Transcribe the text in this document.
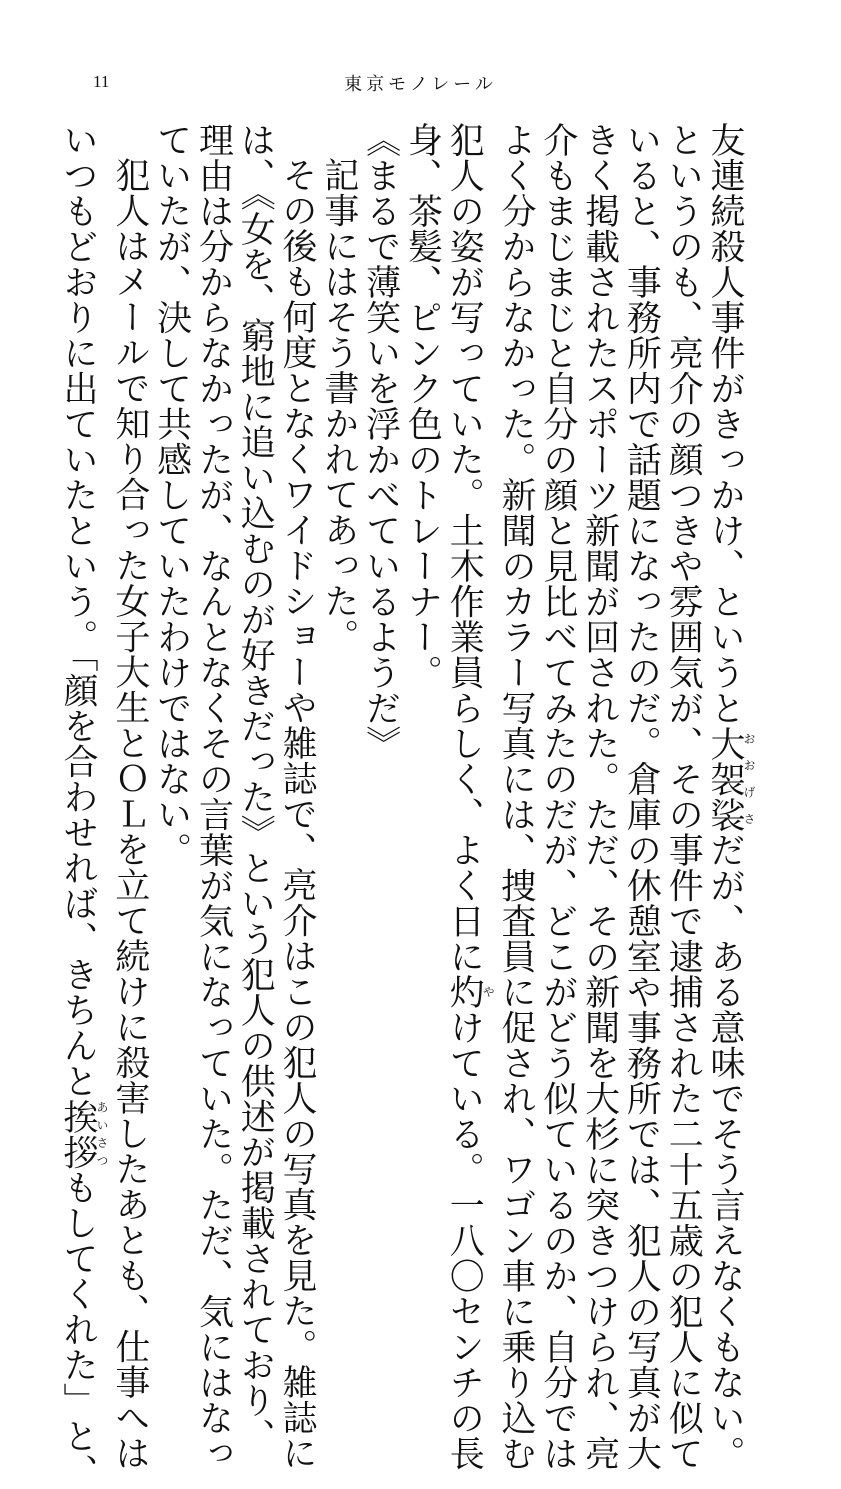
11	東京モノレール

友連続殺人事件がきっかけ、というと大袈裟おおげさだが、ある意味でそう言えなくもない。

というのも、亮介の顔つきや雰囲気が、その事件で逮捕された二十五歳の犯人に似て

いると、事務所内で話題になったのだ。倉庫の休憩室や事務所では、犯人の写真が大

きく掲載されたスポーツ新聞が回された。ただ、その新聞を大杉に突きつけられ、亮

介もまじまじと自分の顔と見比べてみたのだが、どこがどう似ているのか、自分では

よく分からなかった。新聞のカラー写真には、捜査員に促され、ワゴン車に乗り込む

犯人の姿が写っていた。土木作業員らしく、よく日に灼やけている。一八〇センチの長

身、茶髪、ピンク色のトレーナー。

《まるで薄笑いを浮かべているようだ》

記事にはそう書かれてあった。

その後も何度となくワイドショーや雑誌で、亮介はこの犯人の写真を見た。雑誌に

は、《女を、窮地に追い込むのが好きだった》という犯人の供述が掲載されており、

理由は分からなかったが、なんとなくその言葉が気になっていた。ただ、気にはなっ

ていたが、決して共感していたわけではない。

犯人はメールで知り合った女子大生とＯＬを立て続けに殺害したあとも、仕事へは

いつもどおりに出ていたという。「顔を合わせれば、きちんと挨拶あいさつもしてくれた」と、
